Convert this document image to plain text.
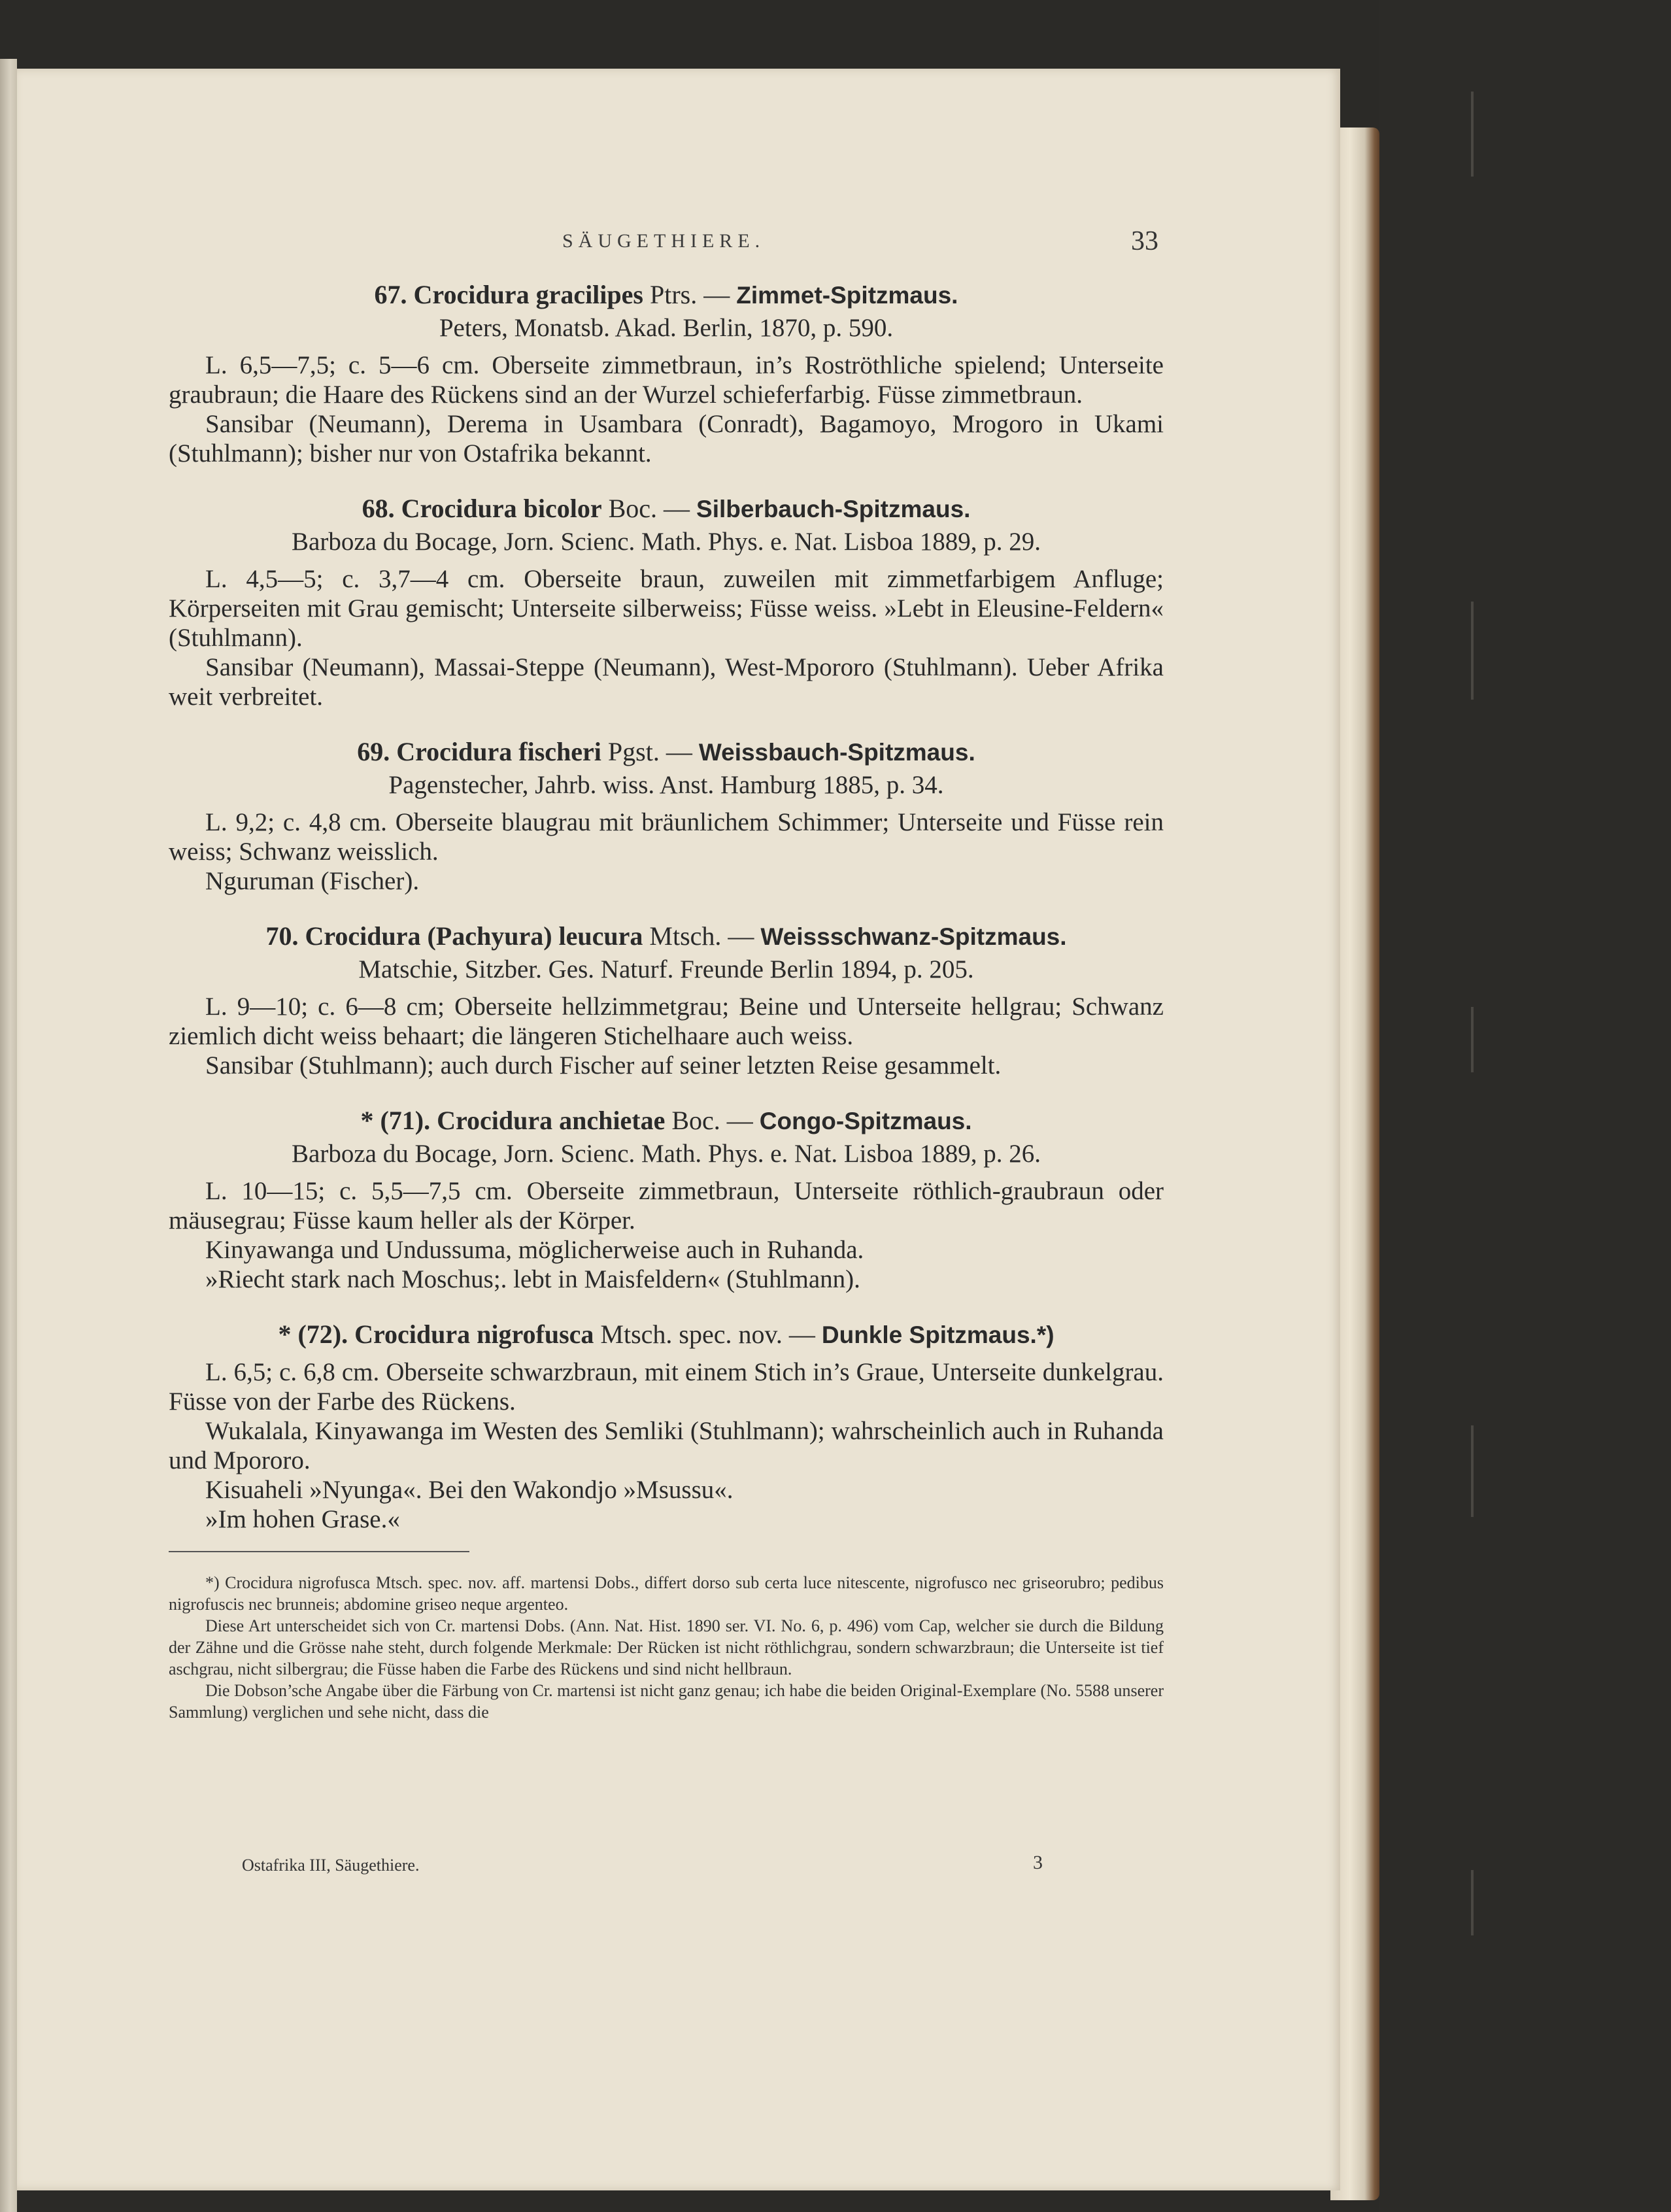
SÄUGETHIERE.	33
67. Crocidura gracilipes Ptrs. — Zimmet-Spitzmaus.
Peters, Monatsb. Akad. Berlin, 1870, p. 590.

L. 6,5—7,5; c. 5—6 cm. Oberseite zimmetbraun, in’s Roströthliche spielend; Unterseite graubraun; die Haare des Rückens sind an der Wurzel schieferfarbig. Füsse zimmetbraun.

Sansibar (Neumann), Derema in Usambara (Conradt), Bagamoyo, Mrogoro in Ukami (Stuhlmann); bisher nur von Ostafrika bekannt.

68. Crocidura bicolor Boc. — Silberbauch-Spitzmaus.
Barboza du Bocage, Jorn. Scienc. Math. Phys. e. Nat. Lisboa 1889, p. 29.

L. 4,5—5; c. 3,7—4 cm. Oberseite braun, zuweilen mit zimmetfarbigem Anfluge; Körperseiten mit Grau gemischt; Unterseite silberweiss; Füsse weiss. »Lebt in Eleusine-Feldern« (Stuhlmann).

Sansibar (Neumann), Massai-Steppe (Neumann), West-Mpororo (Stuhlmann). Ueber Afrika weit verbreitet.

69. Crocidura fischeri Pgst. — Weissbauch-Spitzmaus.
Pagenstecher, Jahrb. wiss. Anst. Hamburg 1885, p. 34.

L. 9,2; c. 4,8 cm. Oberseite blaugrau mit bräunlichem Schimmer; Unterseite und Füsse rein weiss; Schwanz weisslich.

Nguruman (Fischer).

70. Crocidura (Pachyura) leucura Mtsch. — Weissschwanz-Spitzmaus.
Matschie, Sitzber. Ges. Naturf. Freunde Berlin 1894, p. 205.

L. 9—10; c. 6—8 cm; Oberseite hellzimmetgrau; Beine und Unterseite hellgrau; Schwanz ziemlich dicht weiss behaart; die längeren Stichelhaare auch weiss.

Sansibar (Stuhlmann); auch durch Fischer auf seiner letzten Reise gesammelt.

* (71). Crocidura anchietae Boc. — Congo-Spitzmaus.
Barboza du Bocage, Jorn. Scienc. Math. Phys. e. Nat. Lisboa 1889, p. 26.

L. 10—15; c. 5,5—7,5 cm. Oberseite zimmetbraun, Unterseite röthlich-graubraun oder mäusegrau; Füsse kaum heller als der Körper.

Kinyawanga und Undussuma, möglicherweise auch in Ruhanda.

»Riecht stark nach Moschus;. lebt in Maisfeldern« (Stuhlmann).

* (72). Crocidura nigrofusca Mtsch. spec. nov. — Dunkle Spitzmaus.*)

L. 6,5; c. 6,8 cm. Oberseite schwarzbraun, mit einem Stich in’s Graue, Unterseite dunkelgrau. Füsse von der Farbe des Rückens.

Wukalala, Kinyawanga im Westen des Semliki (Stuhlmann); wahrscheinlich auch in Ruhanda und Mpororo.

Kisuaheli »Nyunga«. Bei den Wakondjo »Msussu«.

»Im hohen Grase.«

*) Crocidura nigrofusca Mtsch. spec. nov. aff. martensi Dobs., differt dorso sub certa luce nitescente, nigrofusco nec griseorubro; pedibus nigrofuscis nec brunneis; abdomine griseo neque argenteo.

Diese Art unterscheidet sich von Cr. martensi Dobs. (Ann. Nat. Hist. 1890 ser. VI. No. 6, p. 496) vom Cap, welcher sie durch die Bildung der Zähne und die Grösse nahe steht, durch folgende Merkmale: Der Rücken ist nicht röthlichgrau, sondern schwarzbraun; die Unterseite ist tief aschgrau, nicht silbergrau; die Füsse haben die Farbe des Rückens und sind nicht hellbraun.

Die Dobson’sche Angabe über die Färbung von Cr. martensi ist nicht ganz genau; ich habe die beiden Original-Exemplare (No. 5588 unserer Sammlung) verglichen und sehe nicht, dass die

Ostafrika III, Säugethiere.	3
